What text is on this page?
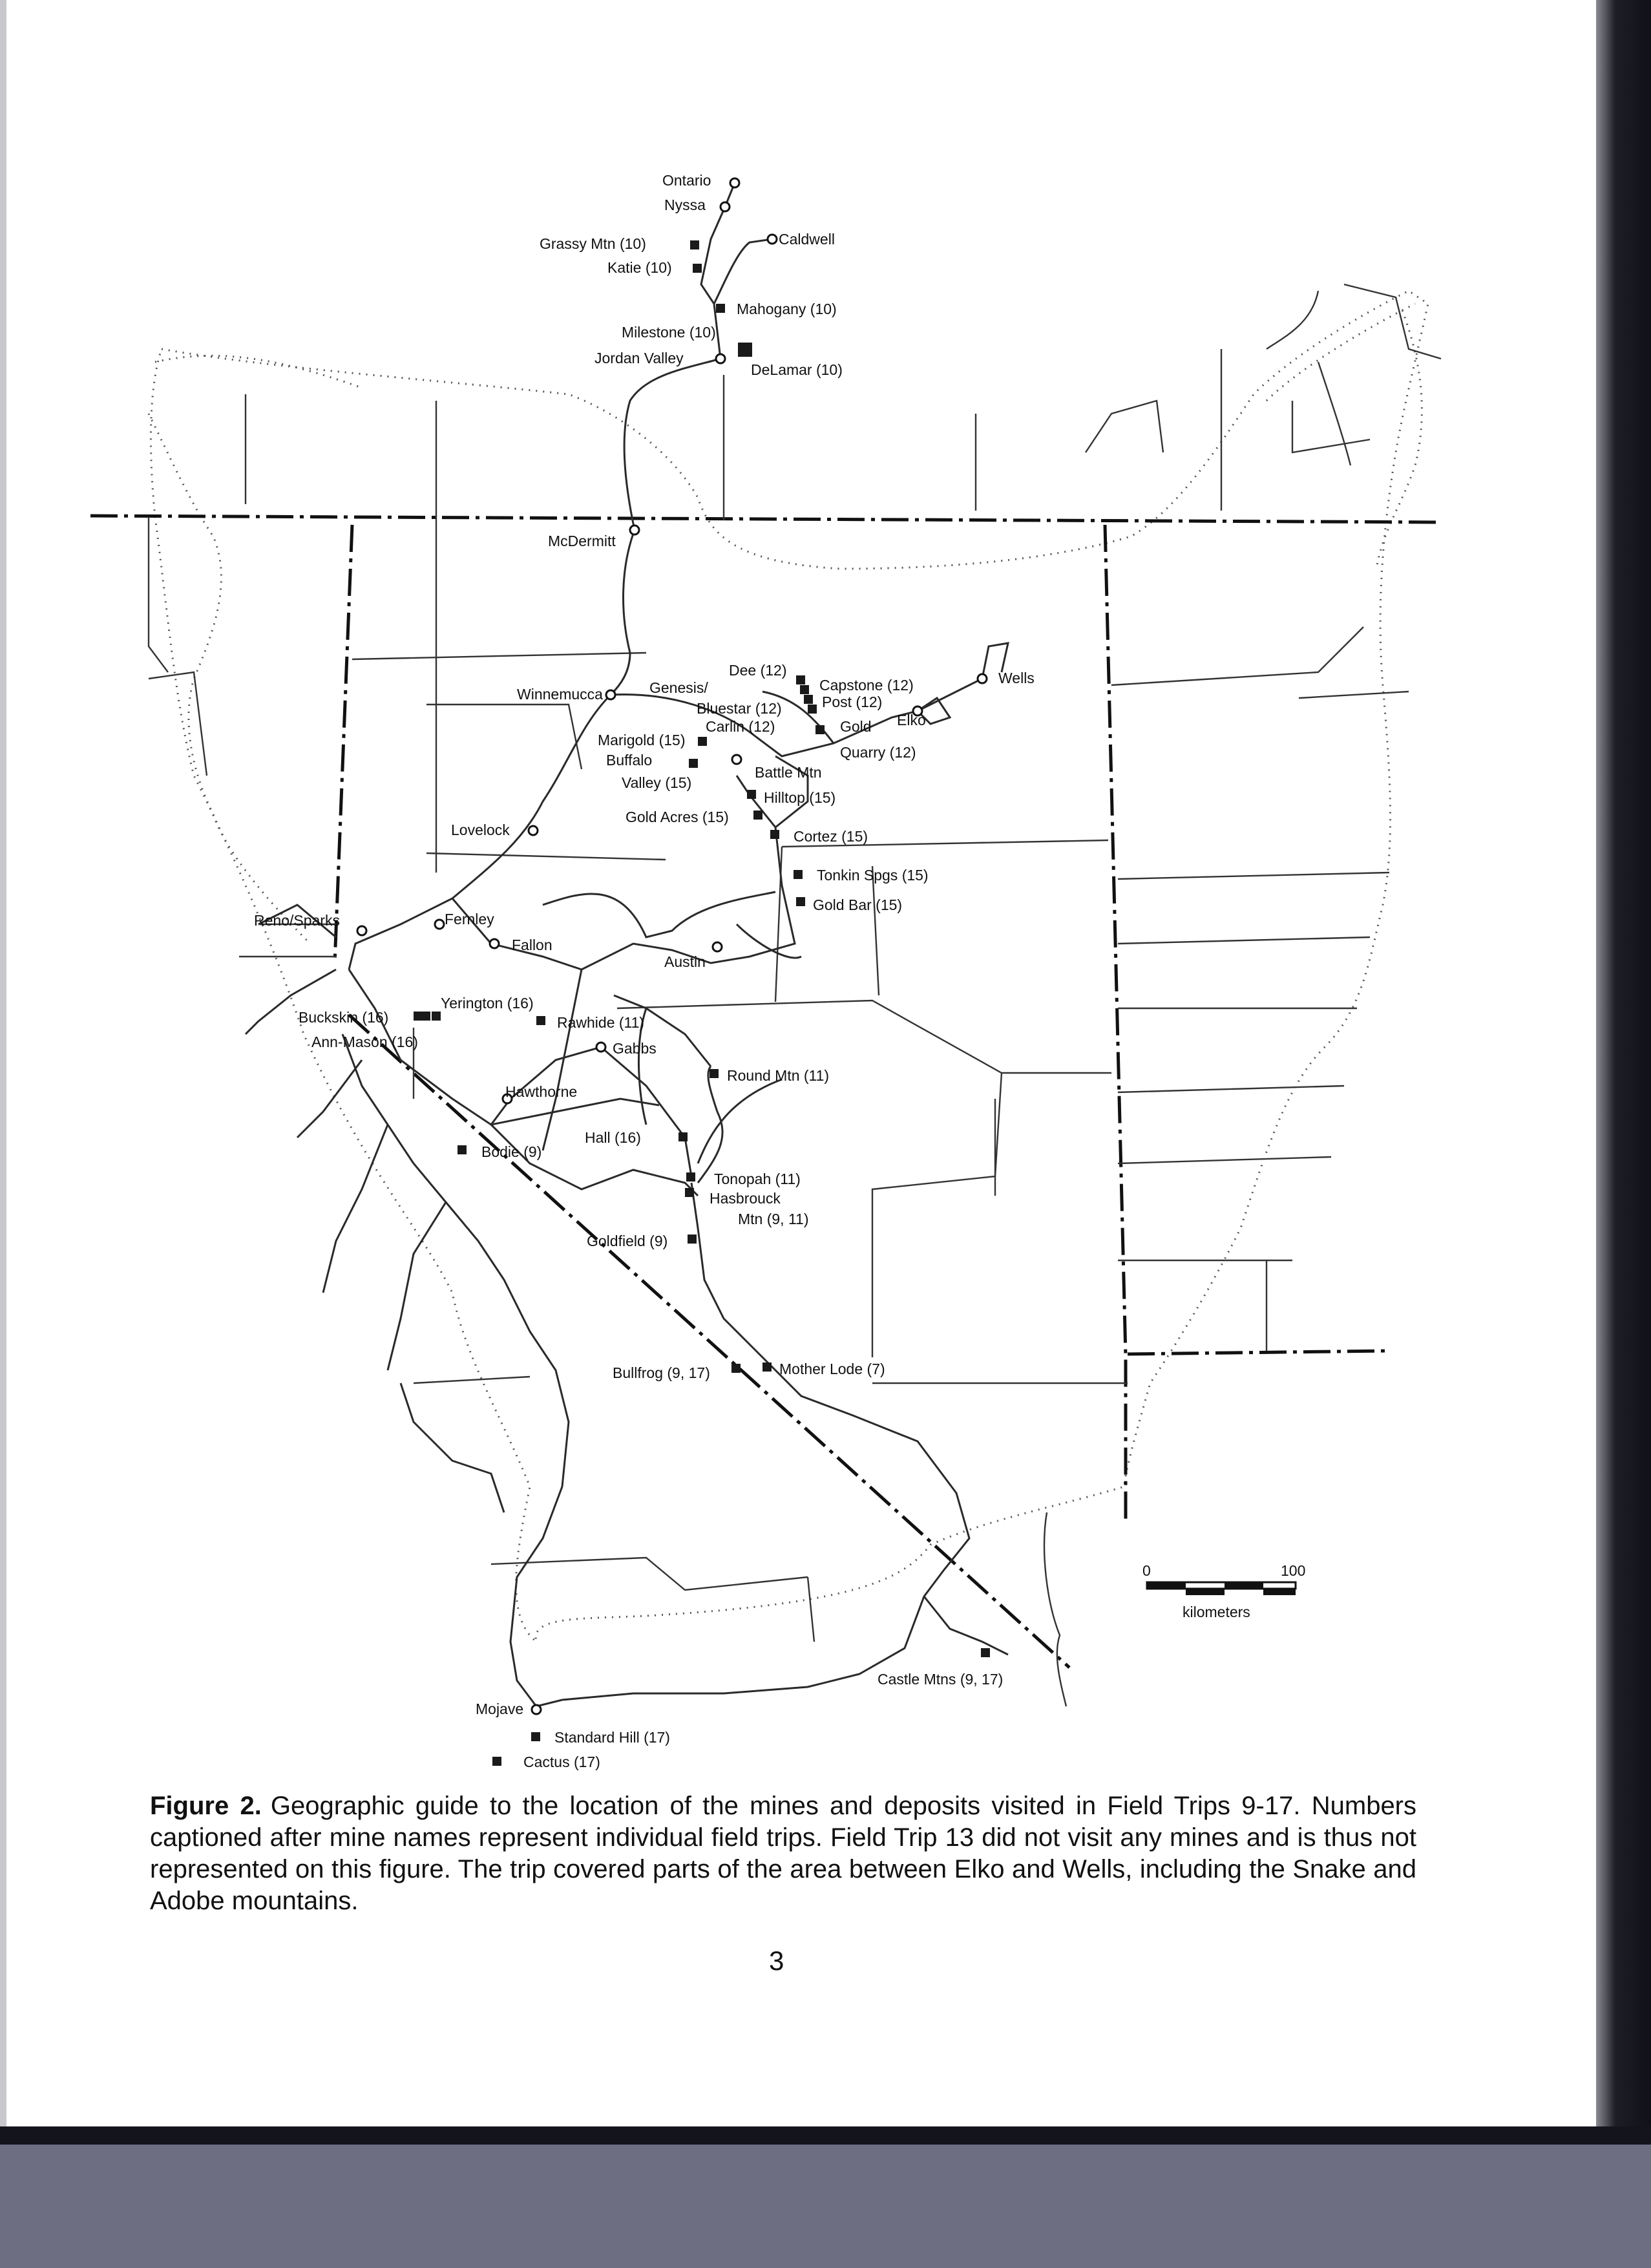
0	100
kilometers
Ontario
Nyssa
Caldwell
Jordan Valley
McDermitt
Winnemucca
Wells
Elko
Battle Mtn
Lovelock
Reno/Sparks	Fernley
Fallon
Austin
Gabbs
Hawthorne
Mojave
Grassy Mtn (10)
Katie (10)
Mahogany (10)
Milestone (10)
DeLamar (10)
Dee (12)
Genesis/
Bluestar (12)
Capstone (12)
Post (12)
Carlin (12)	Gold
Quarry (12)
Marigold (15)
Buffalo
Valley (15)
Hilltop (15)
Gold Acres (15)
Cortez (15)
Tonkin Spgs (15)
Gold Bar (15)
Yerington (16)
Buckskin (16)
Ann-Mason (16)
Rawhide (11)
Round Mtn (11)
Bodie (9)
Hall (16)
Tonopah (11)
Hasbrouck
Mtn (9, 11)
Goldfield (9)
Bullfrog (9, 17)	Mother Lode (7)
Castle Mtns (9, 17)
Standard Hill (17)
Cactus (17)

Figure 2. Geographic guide to the location of the mines and deposits visited in Field Trips 9-17. Numbers captioned after mine names represent individual field trips. Field Trip 13 did not visit any mines and is thus not represented on this figure. The trip covered parts of the area between Elko and Wells, including the Snake and Adobe mountains.

3
